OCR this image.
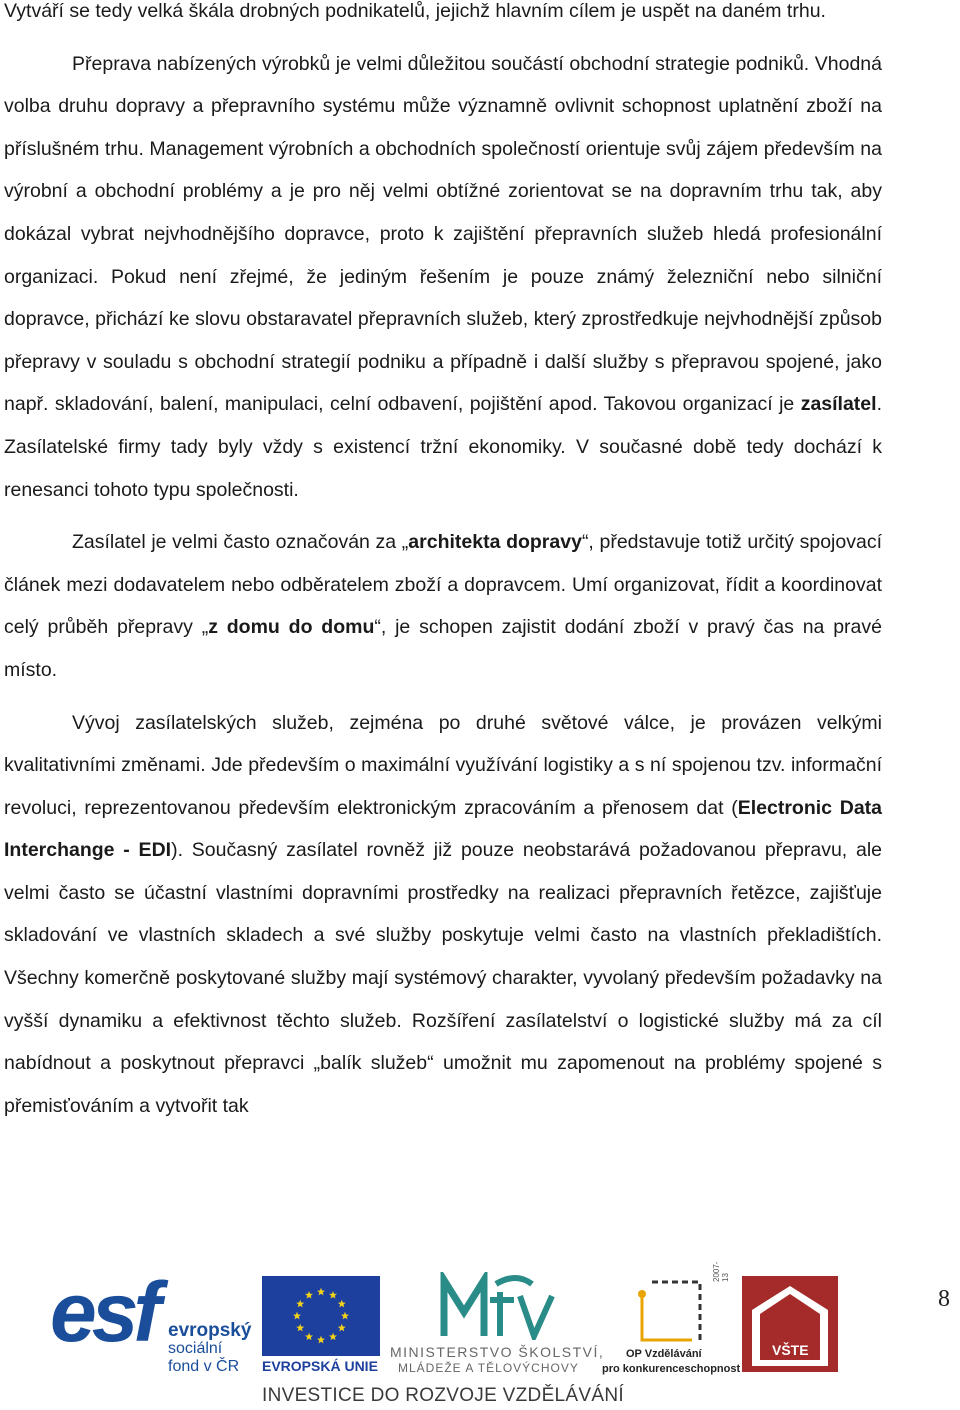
Vytváří se tedy velká škála drobných podnikatelů, jejichž hlavním cílem je uspět na daném trhu.

Přeprava nabízených výrobků je velmi důležitou součástí obchodní strategie podniků. Vhodná volba druhu dopravy a přepravního systému může významně ovlivnit schopnost uplatnění zboží na příslušném trhu. Management výrobních a obchodních společností orientuje svůj zájem především na výrobní a obchodní problémy a je pro něj velmi obtížné zorientovat se na dopravním trhu tak, aby dokázal vybrat nejvhodnějšího dopravce, proto k zajištění přepravních služeb hledá profesionální organizaci. Pokud není zřejmé, že jediným řešením je pouze známý železniční nebo silniční dopravce, přichází ke slovu obstaravatel přepravních služeb, který zprostředkuje nejvhodnější způsob přepravy v souladu s obchodní strategií podniku a případně i další služby s přepravou spojené, jako např. skladování, balení, manipulaci, celní odbavení, pojištění apod. Takovou organizací je zasílatel. Zasílatelské firmy tady byly vždy s existencí tržní ekonomiky. V současné době tedy dochází k renesanci tohoto typu společnosti.

Zasílatel je velmi často označován za „architekta dopravy“, představuje totiž určitý spojovací článek mezi dodavatelem nebo odběratelem zboží a dopravcem. Umí organizovat, řídit a koordinovat celý průběh přepravy „z domu do domu“, je schopen zajistit dodání zboží v pravý čas na pravé místo.

Vývoj zasílatelských služeb, zejména po druhé světové válce, je provázen velkými kvalitativními změnami. Jde především o maximální využívání logistiky a s ní spojenou tzv. informační revoluci, reprezentovanou především elektronickým zpracováním a přenosem dat (Electronic Data Interchange - EDI). Současný zasílatel rovněž již pouze neobstarává požadovanou přepravu, ale velmi často se účastní vlastními dopravními prostředky na realizaci přepravních řetězce, zajišťuje skladování ve vlastních skladech a své služby poskytuje velmi často na vlastních překladištích. Všechny komerčně poskytované služby mají systémový charakter, vyvolaný především požadavky na vyšší dynamiku a efektivnost těchto služeb. Rozšíření zasílatelství o logistické služby má za cíl nabídnout a poskytnout přepravci „balík služeb“ umožnit mu zapomenout na problémy spojené s přemisťováním a vytvořit tak

8
esf evropský
sociální
fond v ČR EVROPSKÁ UNIE
MINISTERSTVO ŠKOLSTVÍ,
MLÁDEŽE A TĚLOVÝCHOVY
2007-13
OP Vzdělávání
pro konkurenceschopnost
VŠTE
INVESTICE DO ROZVOJE VZDĚLÁVÁNÍ
